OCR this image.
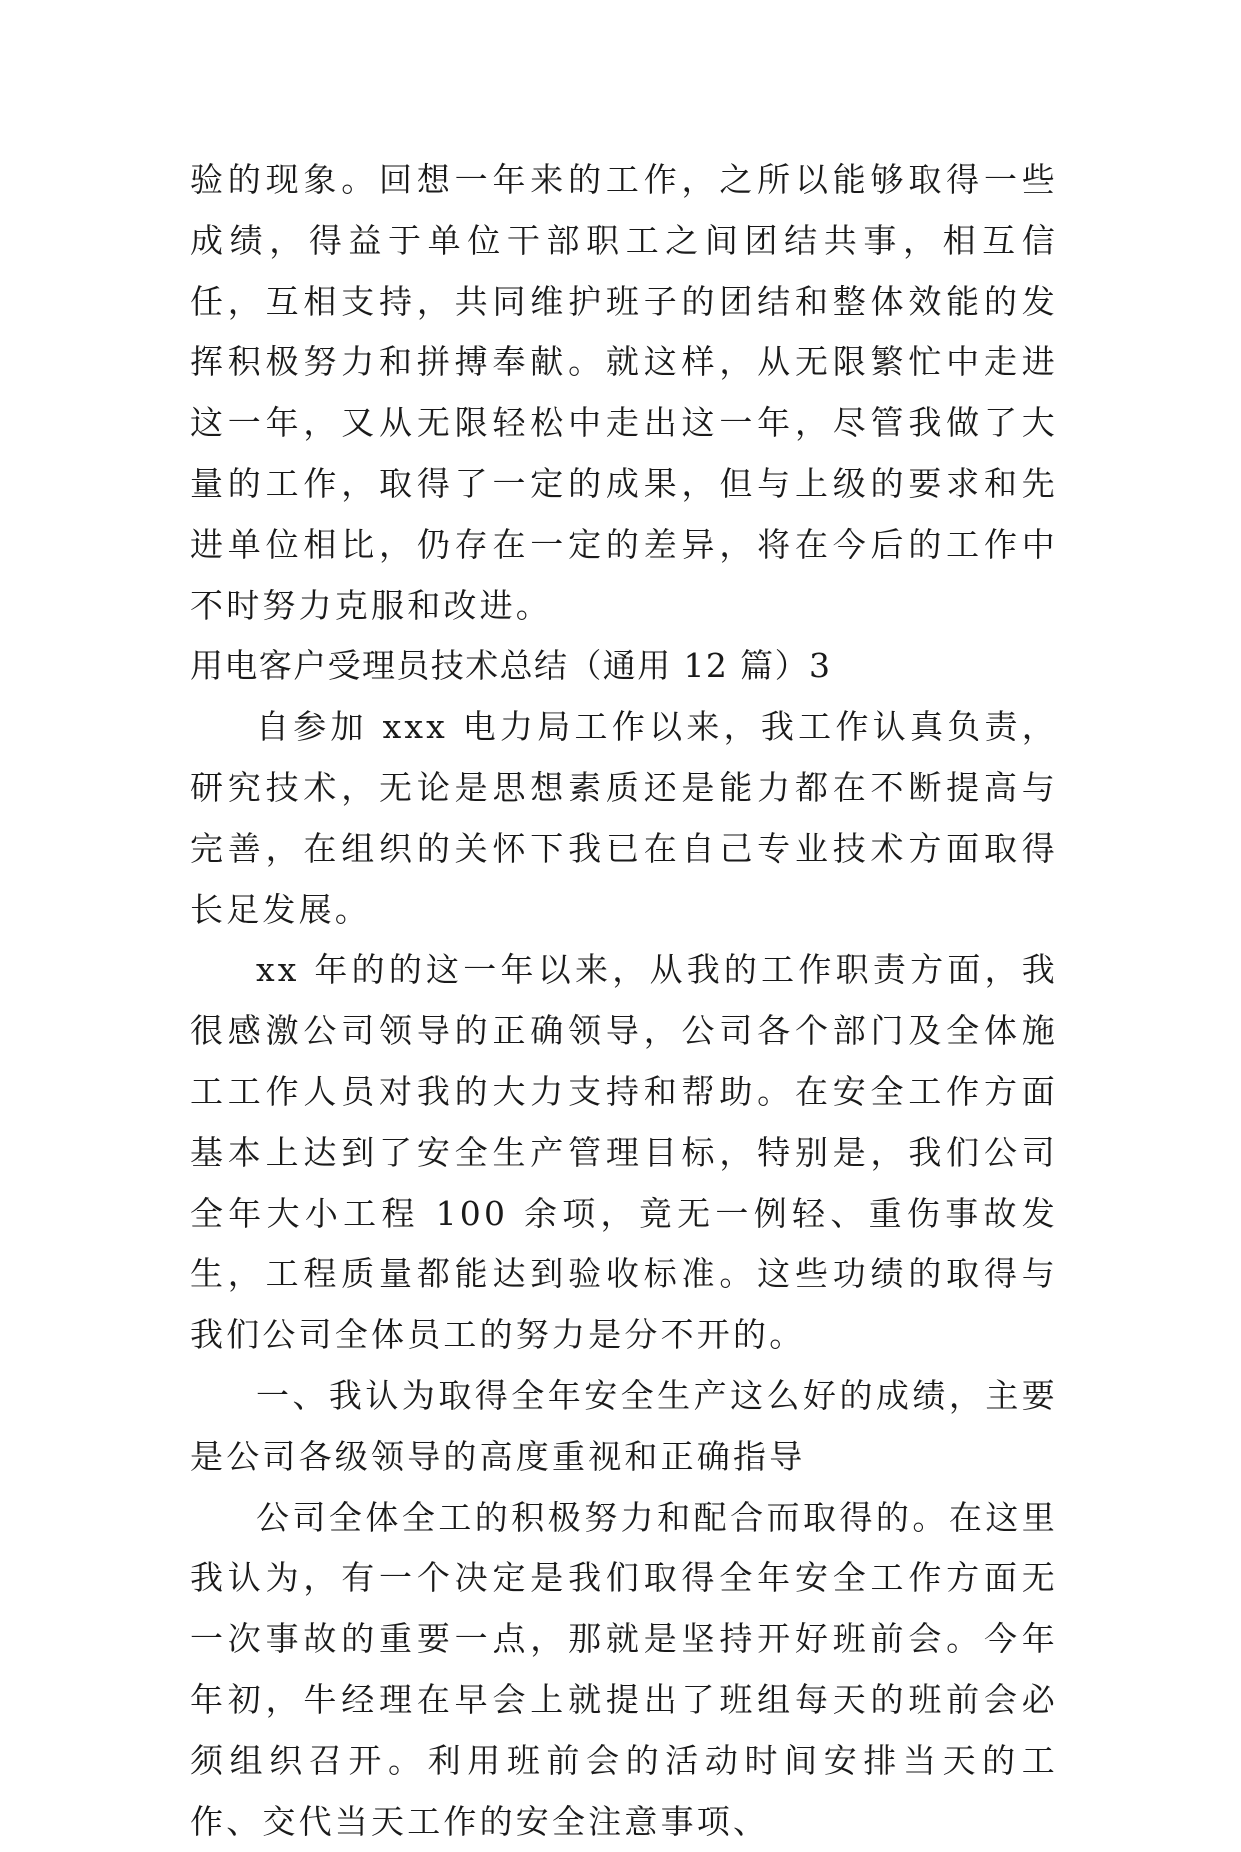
验的现象。回想一年来的工作，之所以能够取得一些成绩，得益于单位干部职工之间团结共事，相互信任，互相支持，共同维护班子的团结和整体效能的发挥积极努力和拼搏奉献。就这样，从无限繁忙中走进这一年，又从无限轻松中走出这一年，尽管我做了大量的工作，取得了一定的成果，但与上级的要求和先进单位相比，仍存在一定的差异，将在今后的工作中不时努力克服和改进。

用电客户受理员技术总结（通用 12 篇）3

自参加 xxx 电力局工作以来，我工作认真负责，研究技术，无论是思想素质还是能力都在不断提高与完善，在组织的关怀下我已在自己专业技术方面取得长足发展。

xx 年的的这一年以来，从我的工作职责方面，我很感激公司领导的正确领导，公司各个部门及全体施工工作人员对我的大力支持和帮助。在安全工作方面基本上达到了安全生产管理目标，特别是，我们公司全年大小工程 100 余项，竟无一例轻、重伤事故发生，工程质量都能达到验收标准。这些功绩的取得与我们公司全体员工的努力是分不开的。

一、我认为取得全年安全生产这么好的成绩，主要是公司各级领导的高度重视和正确指导

公司全体全工的积极努力和配合而取得的。在这里我认为，有一个决定是我们取得全年安全工作方面无一次事故的重要一点，那就是坚持开好班前会。今年年初，牛经理在早会上就提出了班组每天的班前会必须组织召开。利用班前会的活动时间安排当天的工作、交代当天工作的安全注意事项、
